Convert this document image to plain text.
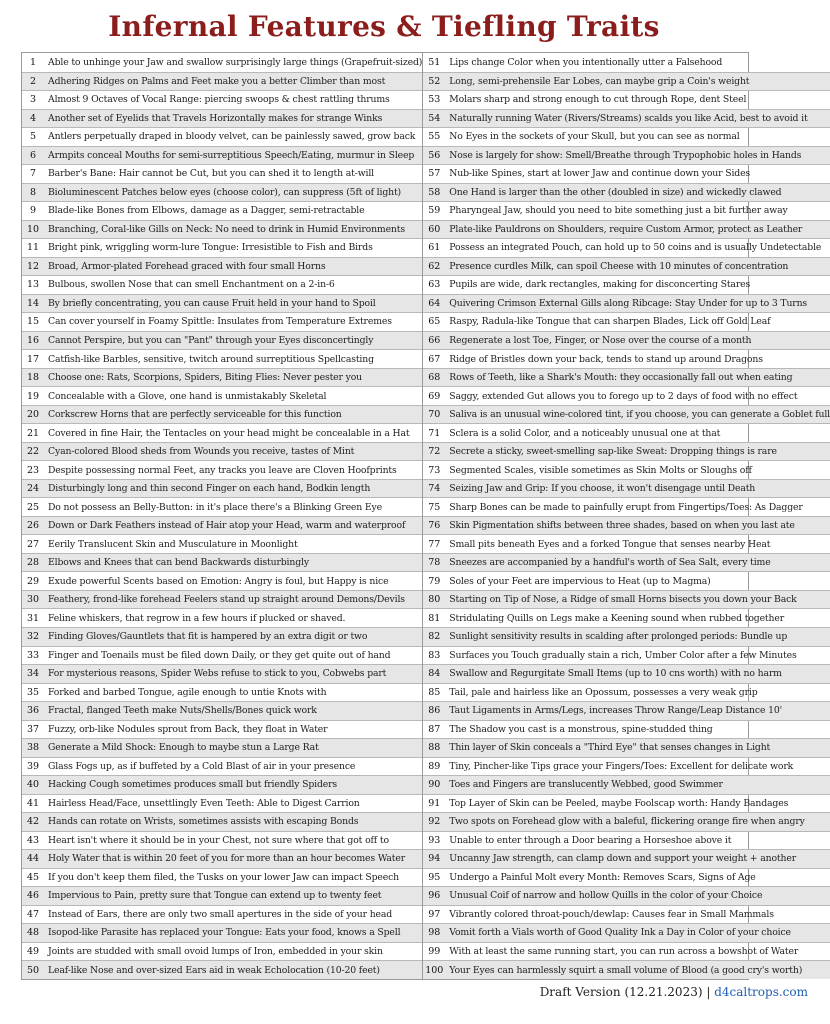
Infernal Features & Tiefling Traits
1	Able to unhinge your Jaw and swallow surprisingly large things (Grapefruit-sized)
2	Adhering Ridges on Palms and Feet make you a better Climber than most
3	Almost 9 Octaves of Vocal Range: piercing swoops & chest rattling thrums
4	Another set of Eyelids that Travels Horizontally makes for strange Winks
5	Antlers perpetually draped in bloody velvet, can be painlessly sawed, grow back
6	Armpits conceal Mouths for semi-surreptitious Speech/Eating, murmur in Sleep
7	Barber's Bane: Hair cannot be Cut, but you can shed it to length at-will
8	Bioluminescent Patches below eyes (choose color), can suppress (5ft of light)
9	Blade-like Bones from Elbows, damage as a Dagger, semi-retractable
10 Branching, Coral-like Gills on Neck: No need to drink in Humid Environments
11 Bright pink, wriggling worm-lure Tongue: Irresistible to Fish and Birds
12 Broad, Armor-plated Forehead graced with four small Horns
13 Bulbous, swollen Nose that can smell Enchantment on a 2-in-6
14 By briefly concentrating, you can cause Fruit held in your hand to Spoil
15 Can cover yourself in Foamy Spittle: Insulates from Temperature Extremes
16 Cannot Perspire, but you can "Pant" through your Eyes disconcertingly
17 Catfish-like Barbles, sensitive, twitch around surreptitious Spellcasting
18 Choose one: Rats, Scorpions, Spiders, Biting Flies: Never pester you
19 Concealable with a Glove, one hand is unmistakably Skeletal
20 Corkscrew Horns that are perfectly serviceable for this function
21 Covered in fine Hair, the Tentacles on your head might be concealable in a Hat
22 Cyan-colored Blood sheds from Wounds you receive, tastes of Mint
23 Despite possessing normal Feet, any tracks you leave are Cloven Hoofprints
24 Disturbingly long and thin second Finger on each hand, Bodkin length
25 Do not possess an Belly-Button: in it's place there's a Blinking Green Eye
26 Down or Dark Feathers instead of Hair atop your Head, warm and waterproof
27 Eerily Translucent Skin and Musculature in Moonlight
28 Elbows and Knees that can bend Backwards disturbingly
29 Exude powerful Scents based on Emotion: Angry is foul, but Happy is nice
30 Feathery, frond-like forehead Feelers stand up straight around Demons/Devils
31 Feline whiskers, that regrow in a few hours if plucked or shaved.
32 Finding Gloves/Gauntlets that fit is hampered by an extra digit or two
33 Finger and Toenails must be filed down Daily, or they get quite out of hand
34 For mysterious reasons, Spider Webs refuse to stick to you, Cobwebs part
35 Forked and barbed Tongue, agile enough to untie Knots with
36 Fractal, flanged Teeth make Nuts/Shells/Bones quick work
37 Fuzzy, orb-like Nodules sprout from Back, they float in Water
38 Generate a Mild Shock: Enough to maybe stun a Large Rat
39 Glass Fogs up, as if buffeted by a Cold Blast of air in your presence
40 Hacking Cough sometimes produces small but friendly Spiders
41 Hairless Head/Face, unsettlingly Even Teeth: Able to Digest Carrion
42 Hands can rotate on Wrists, sometimes assists with escaping Bonds
43 Heart isn't where it should be in your Chest, not sure where that got off to
44 Holy Water that is within 20 feet of you for more than an hour becomes Water
45 If you don't keep them filed, the Tusks on your lower Jaw can impact Speech
46 Impervious to Pain, pretty sure that Tongue can extend up to twenty feet
47 Instead of Ears, there are only two small apertures in the side of your head
48 Isopod-like Parasite has replaced your Tongue: Eats your food, knows a Spell
49 Joints are studded with small ovoid lumps of Iron, embedded in your skin
50 Leaf-like Nose and over-sized Ears aid in weak Echolocation (10-20 feet)
51 Lips change Color when you intentionally utter a Falsehood
52 Long, semi-prehensile Ear Lobes, can maybe grip a Coin's weight
53 Molars sharp and strong enough to cut through Rope, dent Steel
54 Naturally running Water (Rivers/Streams) scalds you like Acid, best to avoid it
55 No Eyes in the sockets of your Skull, but you can see as normal
56 Nose is largely for show: Smell/Breathe through Trypophobic holes in Hands
57 Nub-like Spines, start at lower Jaw and continue down your Sides
58 One Hand is larger than the other (doubled in size) and wickedly clawed
59 Pharyngeal Jaw, should you need to bite something just a bit further away
60 Plate-like Pauldrons on Shoulders, require Custom Armor, protect as Leather
61 Possess an integrated Pouch, can hold up to 50 coins and is usually Undetectable
62 Presence curdles Milk, can spoil Cheese with 10 minutes of concentration
63 Pupils are wide, dark rectangles, making for disconcerting Stares
64 Quivering Crimson External Gills along Ribcage: Stay Under for up to 3 Turns
65 Raspy, Radula-like Tongue that can sharpen Blades, Lick off Gold Leaf
66 Regenerate a lost Toe, Finger, or Nose over the course of a month
67 Ridge of Bristles down your back, tends to stand up around Dragons
68 Rows of Teeth, like a Shark's Mouth: they occasionally fall out when eating
69 Saggy, extended Gut allows you to forego up to 2 days of food with no effect
70 Saliva is an unusual wine-colored tint, if you choose, you can generate a Goblet full
71 Sclera is a solid Color, and a noticeably unusual one at that
72 Secrete a sticky, sweet-smelling sap-like Sweat: Dropping things is rare
73 Segmented Scales, visible sometimes as Skin Molts or Sloughs off
74 Seizing Jaw and Grip: If you choose, it won't disengage until Death
75 Sharp Bones can be made to painfully erupt from Fingertips/Toes: As Dagger
76 Skin Pigmentation shifts between three shades, based on when you last ate
77 Small pits beneath Eyes and a forked Tongue that senses nearby Heat
78 Sneezes are accompanied by a handful's worth of Sea Salt, every time
79 Soles of your Feet are impervious to Heat (up to Magma)
80 Starting on Tip of Nose, a Ridge of small Horns bisects you down your Back
81 Stridulating Quills on Legs make a Keening sound when rubbed together
82 Sunlight sensitivity results in scalding after prolonged periods: Bundle up
83 Surfaces you Touch gradually stain a rich, Umber Color after a few Minutes
84 Swallow and Regurgitate Small Items (up to 10 cns worth) with no harm
85 Tail, pale and hairless like an Opossum, possesses a very weak grip
86 Taut Ligaments in Arms/Legs, increases Throw Range/Leap Distance 10'
87 The Shadow you cast is a monstrous, spine-studded thing
88 Thin layer of Skin conceals a "Third Eye" that senses changes in Light
89 Tiny, Pincher-like Tips grace your Fingers/Toes: Excellent for delicate work
90 Toes and Fingers are translucently Webbed, good Swimmer
91 Top Layer of Skin can be Peeled, maybe Foolscap worth: Handy Bandages
92 Two spots on Forehead glow with a baleful, flickering orange fire when angry
93 Unable to enter through a Door bearing a Horseshoe above it
94 Uncanny Jaw strength, can clamp down and support your weight + another
95 Undergo a Painful Molt every Month: Removes Scars, Signs of Age
96 Unusual Coif of narrow and hollow Quills in the color of your Choice
97 Vibrantly colored throat-pouch/dewlap: Causes fear in Small Mammals
98 Vomit forth a Vials worth of Good Quality Ink a Day in Color of your choice
99 With at least the same running start, you can run across a bowshot of Water
100 Your Eyes can harmlessly squirt a small volume of Blood (a good cry's worth)
Draft Version (12.21.2023) | d4caltrops.com
